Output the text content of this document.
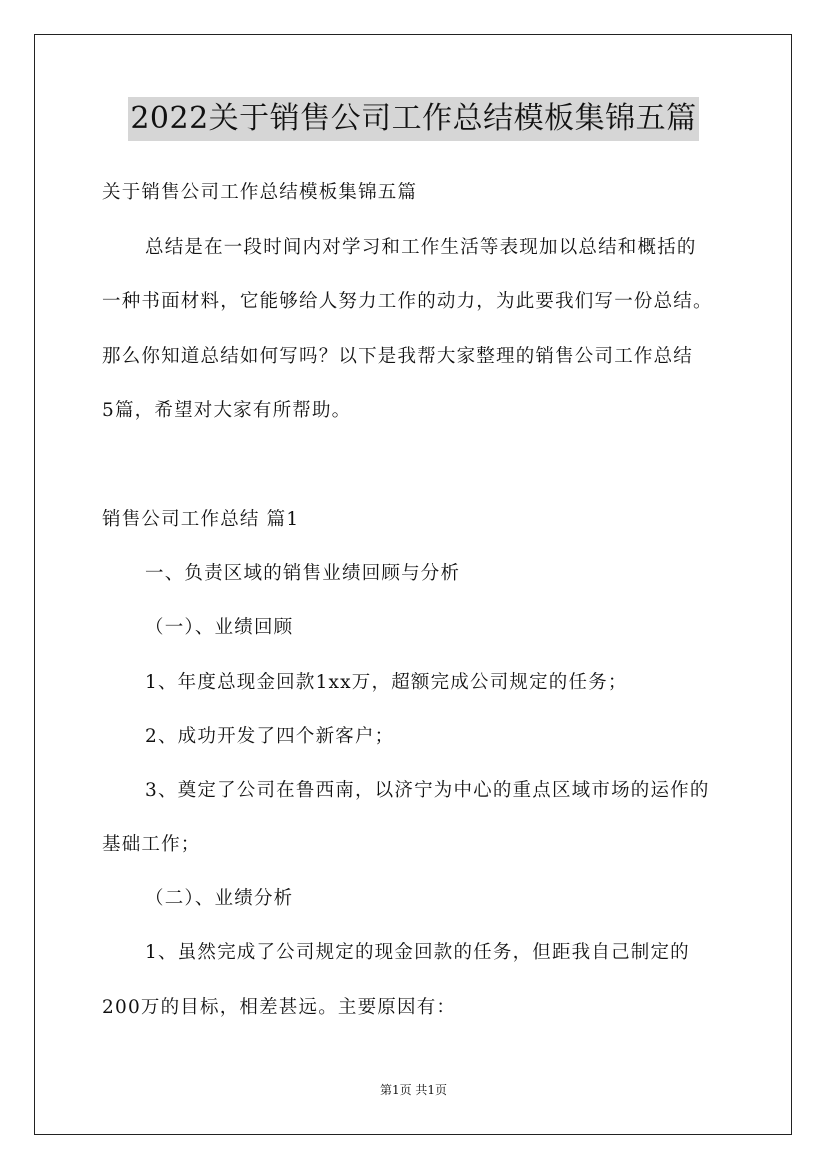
2022关于销售公司工作总结模板集锦五篇
关于销售公司工作总结模板集锦五篇
总结是在一段时间内对学习和工作生活等表现加以总结和概括的
一种书面材料，它能够给人努力工作的动力，为此要我们写一份总结。
那么你知道总结如何写吗？以下是我帮大家整理的销售公司工作总结
5篇，希望对大家有所帮助。
销售公司工作总结 篇1
一、负责区域的销售业绩回顾与分析
（一）、业绩回顾
1、年度总现金回款1xx万，超额完成公司规定的任务；
2、成功开发了四个新客户；
3、奠定了公司在鲁西南，以济宁为中心的重点区域市场的运作的
基础工作；
（二）、业绩分析
1、虽然完成了公司规定的现金回款的任务，但距我自己制定的
200万的目标，相差甚远。主要原因有：
第1页 共1页
